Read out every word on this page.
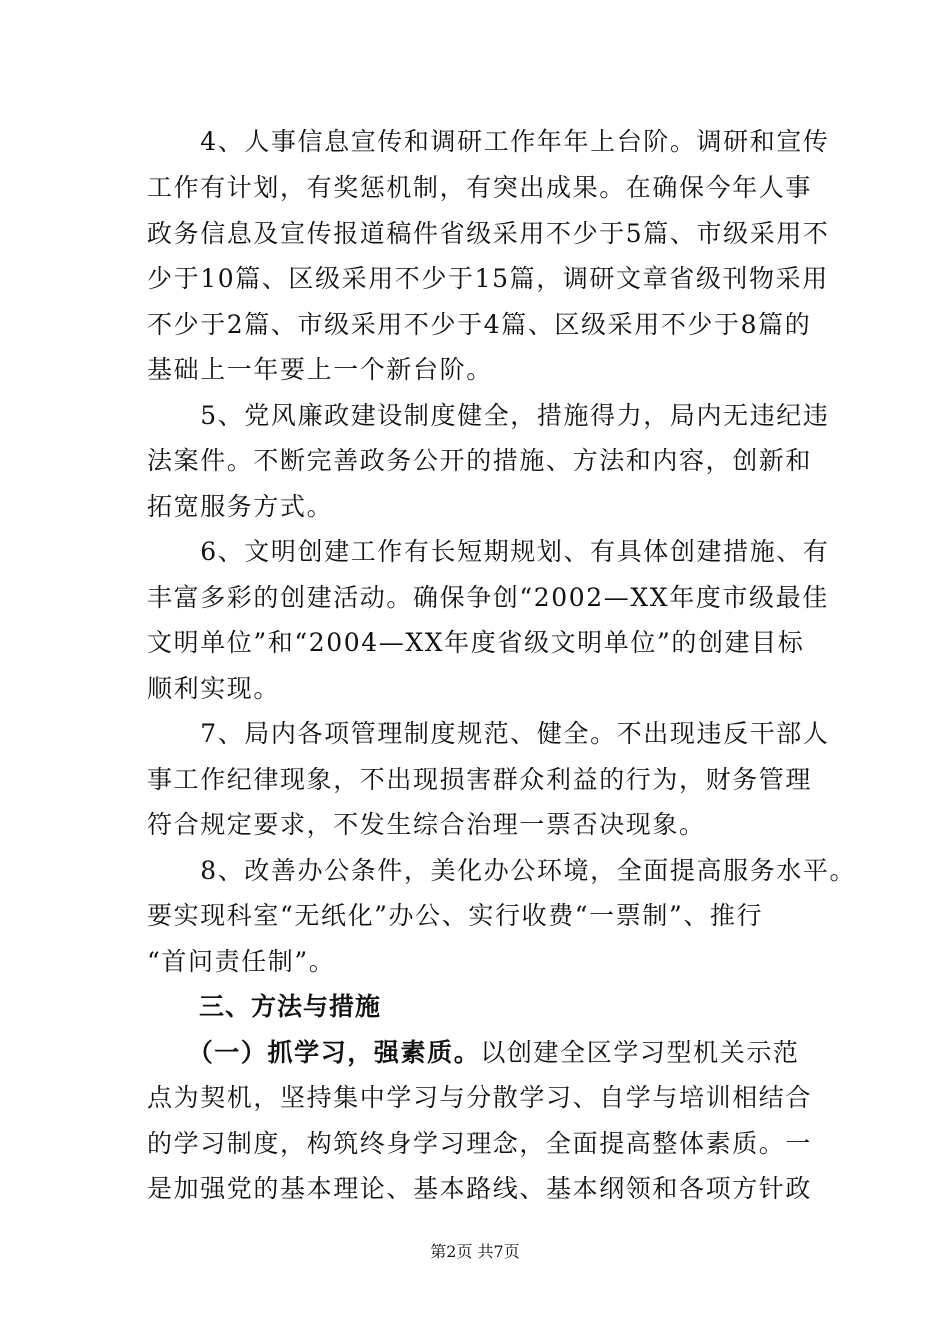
　　4、人事信息宣传和调研工作年年上台阶。调研和宣传
工作有计划，有奖惩机制，有突出成果。在确保今年人事
政务信息及宣传报道稿件省级采用不少于5篇、市级采用不
少于10篇、区级采用不少于15篇，调研文章省级刊物采用
不少于2篇、市级采用不少于4篇、区级采用不少于8篇的
基础上一年要上一个新台阶。
　　5、党风廉政建设制度健全，措施得力，局内无违纪违
法案件。不断完善政务公开的措施、方法和内容，创新和
拓宽服务方式。
　　6、文明创建工作有长短期规划、有具体创建措施、有
丰富多彩的创建活动。确保争创“2002—XX年度市级最佳
文明单位”和“2004—XX年度省级文明单位”的创建目标
顺利实现。
　　7、局内各项管理制度规范、健全。不出现违反干部人
事工作纪律现象，不出现损害群众利益的行为，财务管理
符合规定要求，不发生综合治理一票否决现象。
　　8、改善办公条件，美化办公环境，全面提高服务水平。
要实现科室“无纸化”办公、实行收费“一票制”、推行
“首问责任制”。
　　三、方法与措施
　　（一）抓学习，强素质。以创建全区学习型机关示范
点为契机，坚持集中学习与分散学习、自学与培训相结合
的学习制度，构筑终身学习理念，全面提高整体素质。一
是加强党的基本理论、基本路线、基本纲领和各项方针政
第2页 共7页
